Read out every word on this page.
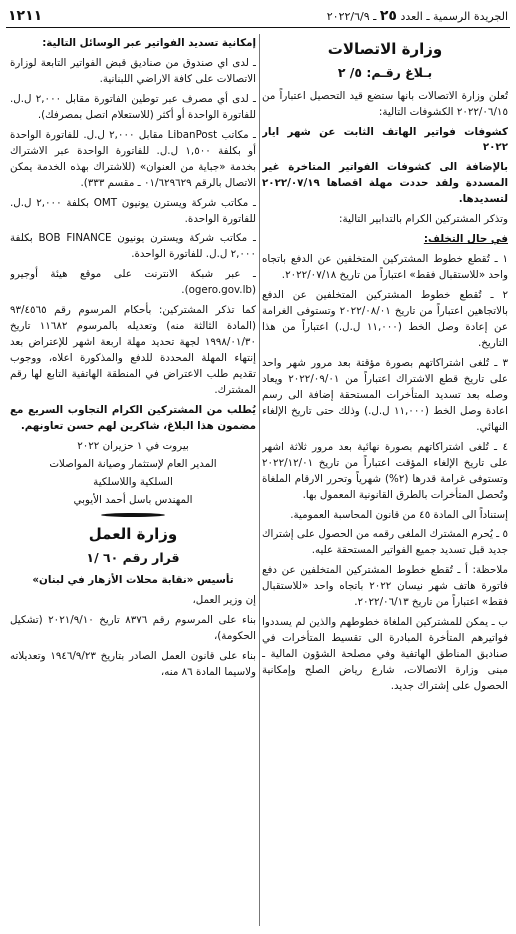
الجريدة الرسمية ـ العدد ٢٥ ـ ٢٠٢٢/٦/٩
١٢١١
وزارة الاتصالات
بـلاغ رقـم: ٥/ ٢

تُعلن وزارة الاتصالات بانها ستضع قيد التحصيل اعتباراً من ٢٠٢٢/٠٦/١٥ الكشوفات التالية:

كشوفات فواتير الهاتف الثابت عن شهر ايار ٢٠٢٢

بالإضافة الى كشوفات الفواتير المتاخرة غير المسددة ولقد حددت مهلة اقصاها ٢٠٢٢/٠٧/١٩ لتسديدها.

وتذكر المشتركين الكرام بالتدابير التالية:

في حال التخلف:

١ ـ تُقطع خطوط المشتركين المتخلفين عن الدفع باتجاه واحد «للاستقبال فقط» اعتباراً من تاريخ ٢٠٢٢/٠٧/١٨.

٢ ـ تُقطع خطوط المشتركين المتخلفين عن الدفع بالاتجاهين اعتباراً من تاريخ ٢٠٢٢/٠٨/٠١ وتستوفى الغرامة عن إعادة وصل الخط (١١,٠٠٠ ل.ل.) اعتباراً من هذا التاريخ.

٣ ـ تُلغى اشتراكاتهم بصورة مؤقتة بعد مرور شهر واحد على تاريخ قطع الاشتراك اعتباراً من ٢٠٢٢/٠٩/٠١ ويعاد وصله بعد تسديد المتأخرات المستحقة إضافة الى رسم اعادة وصل الخط (١١,٠٠٠ ل.ل.) وذلك حتى تاريخ الإلغاء النهائي.

٤ ـ تُلغى اشتراكاتهم بصورة نهائية بعد مرور ثلاثة اشهر على تاريخ الإلغاء المؤقت اعتباراً من تاريخ ٢٠٢٢/١٢/٠١ وتستوفى غرامة قدرها (٢%) شهرياً وتحرر الارقام الملغاة وتُحصل المتأخرات بالطرق القانونية المعمول بها.

إستناداً الى المادة ٤٥ من قانون المحاسبة العمومية.

٥ ـ يُحرم المشترك الملغى رقمه من الحصول على إشتراك جديد قبل تسديد جميع الفواتير المستحقة عليه.

ملاحظة: أ ـ تُقطع خطوط المشتركين المتخلفين عن دفع فاتورة هاتف شهر نيسان ٢٠٢٢ باتجاه واحد «للاستقبال فقط» اعتباراً من تاريخ ٢٠٢٢/٠٦/١٣.

ب ـ يمكن للمشتركين الملغاة خطوطهم والذين لم يسددوا فواتيرهم المتأخرة المبادرة الى تقسيط المتأخرات في صناديق المناطق الهاتفية وفي مصلحة الشؤون المالية ـ مبنى وزارة الاتصالات، شارع رياض الصلح وإمكانية الحصول على إشتراك جديد.

إمكانية تسديد الفواتير عبر الوسائل التالية:

ـ لدى اي صندوق من صناديق قبض الفواتير التابعة لوزارة الاتصالات على كافة الاراضي اللبنانية.

ـ لدى أي مصرف عبر توطين الفاتورة مقابل ٢,٠٠٠ ل.ل. للفاتورة الواحدة أو أكثر (للاستعلام اتصل بمصرفك).

ـ مكاتب LibanPost مقابل ٢,٠٠٠ ل.ل. للفاتورة الواحدة أو بكلفة ١,٥٠٠ ل.ل. للفاتورة الواحدة عبر الاشتراك بخدمة «جباية من العنوان» (للاشتراك بهذه الخدمة يمكن الاتصال بالرقم ٠١/٦٢٩٦٢٩ ـ مقسم ٣٣٣).

ـ مكاتب شركة ويسترن يونيون OMT بكلفة ٢,٠٠٠ ل.ل. للفاتورة الواحدة.

ـ مكاتب شركة ويسترن يونيون BOB FINANCE بكلفة ٢,٠٠٠ ل.ل. للفاتورة الواحدة.

ـ عبر شبكة الانترنت على موقع هيئة أوجيرو (ogero.gov.lb).

كما تذكر المشتركين: بأحكام المرسوم رقم ٩٣/٤٥٦٥ (المادة الثالثة منه) وتعديله بالمرسوم ١١٦٨٢ تاريخ ١٩٩٨/٠١/٣٠ لجهة تحديد مهلة اربعة اشهر للإعتراض بعد إنتهاء المهلة المحددة للدفع والمذكورة اعلاه، ووجوب تقديم طلب الاعتراض في المنطقة الهاتفية التابع لها رقم المشترك.

يُطلب من المشتركين الكرام التجاوب السريع مع مضمون هذا البلاغ، شاكرين لهم حسن تعاونهم.

بيروت في ١ حزيران ٢٠٢٢

المدير العام لإستثمار وصيانة المواصلات

السلكية واللاسلكية

المهندس باسل أحمد الأيوبي

وزارة العمل
قرار رقم ٦٠ /١

تأسيس «نقابة محلات الأزهار في لبنان»

إن وزير العمل،

بناء على المرسوم رقم ٨٣٧٦ تاريخ ٢٠٢١/٩/١٠ (تشكيل الحكومة)،

بناء على قانون العمل الصادر بتاريخ ١٩٤٦/٩/٢٣ وتعديلاته ولاسيما المادة ٨٦ منه،
